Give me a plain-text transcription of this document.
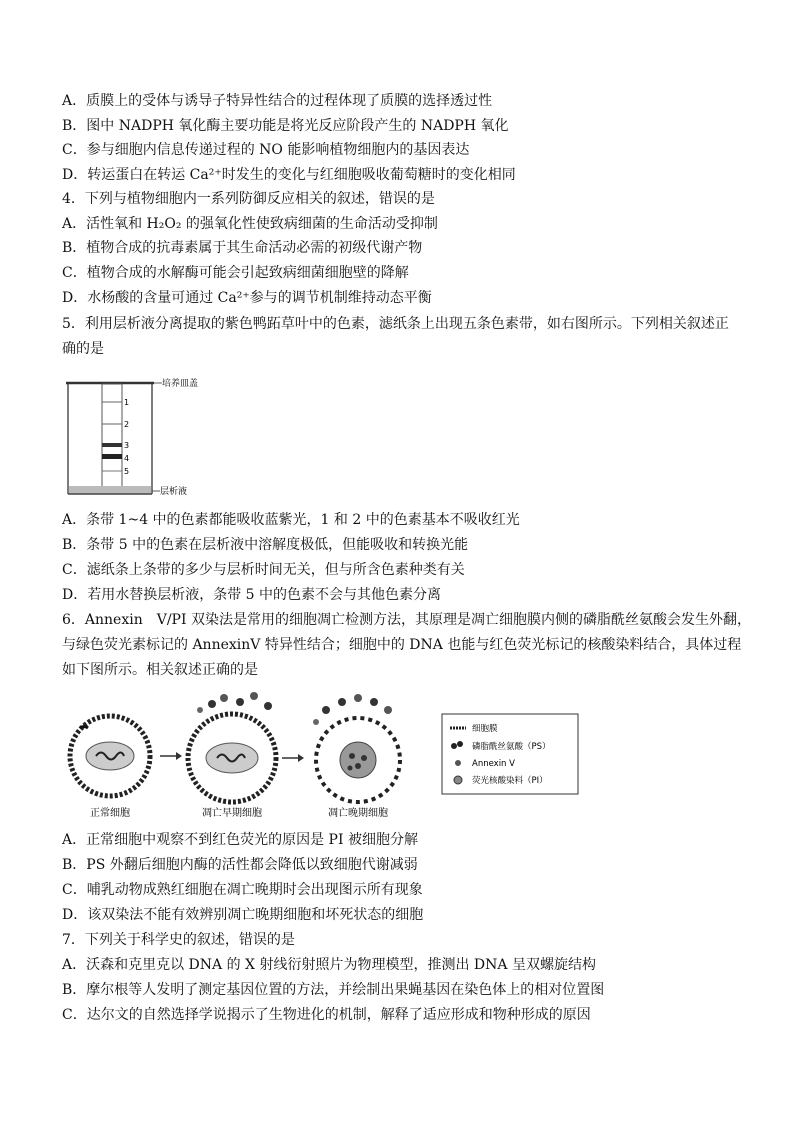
A．质膜上的受体与诱导子特异性结合的过程体现了质膜的选择透过性
B．图中 NADPH 氧化酶主要功能是将光反应阶段产生的 NADPH 氧化
C．参与细胞内信息传递过程的 NO 能影响植物细胞内的基因表达
D．转运蛋白在转运 Ca²⁺时发生的变化与红细胞吸收葡萄糖时的变化相同
4．下列与植物细胞内一系列防御反应相关的叙述，错误的是
A．活性氧和 H₂O₂ 的强氧化性使致病细菌的生命活动受抑制
B．植物合成的抗毒素属于其生命活动必需的初级代谢产物
C．植物合成的水解酶可能会引起致病细菌细胞壁的降解
D．水杨酸的含量可通过 Ca²⁺参与的调节机制维持动态平衡
5．利用层析液分离提取的紫色鸭跖草叶中的色素，滤纸条上出现五条色素带，如右图所示。下列相关叙述正
确的是
培养皿盖
1
2
3
4
5
层析液
A．条带 1~4 中的色素都能吸收蓝紫光，1 和 2 中的色素基本不吸收红光
B．条带 5 中的色素在层析液中溶解度极低，但能吸收和转换光能
C．滤纸条上条带的多少与层析时间无关，但与所含色素种类有关
D．若用水替换层析液，条带 5 中的色素不会与其他色素分离
6．Annexin　V/PI 双染法是常用的细胞凋亡检测方法，其原理是凋亡细胞膜内侧的磷脂酰丝氨酸会发生外翻，
与绿色荧光素标记的 AnnexinV 特异性结合；细胞中的 DNA 也能与红色荧光标记的核酸染料结合，具体过程
如下图所示。相关叙述正确的是
正常细胞	凋亡早期细胞	凋亡晚期细胞
细胞膜
磷脂酰丝氨酸（PS）
Annexin V
荧光核酸染料（PI）
A．正常细胞中观察不到红色荧光的原因是 PI 被细胞分解
B．PS 外翻后细胞内酶的活性都会降低以致细胞代谢减弱
C．哺乳动物成熟红细胞在凋亡晚期时会出现图示所有现象
D．该双染法不能有效辨别凋亡晚期细胞和坏死状态的细胞
7．下列关于科学史的叙述，错误的是
A．沃森和克里克以 DNA 的 X 射线衍射照片为物理模型，推测出 DNA 呈双螺旋结构
B．摩尔根等人发明了测定基因位置的方法，并绘制出果蝇基因在染色体上的相对位置图
C．达尔文的自然选择学说揭示了生物进化的机制，解释了适应形成和物种形成的原因
